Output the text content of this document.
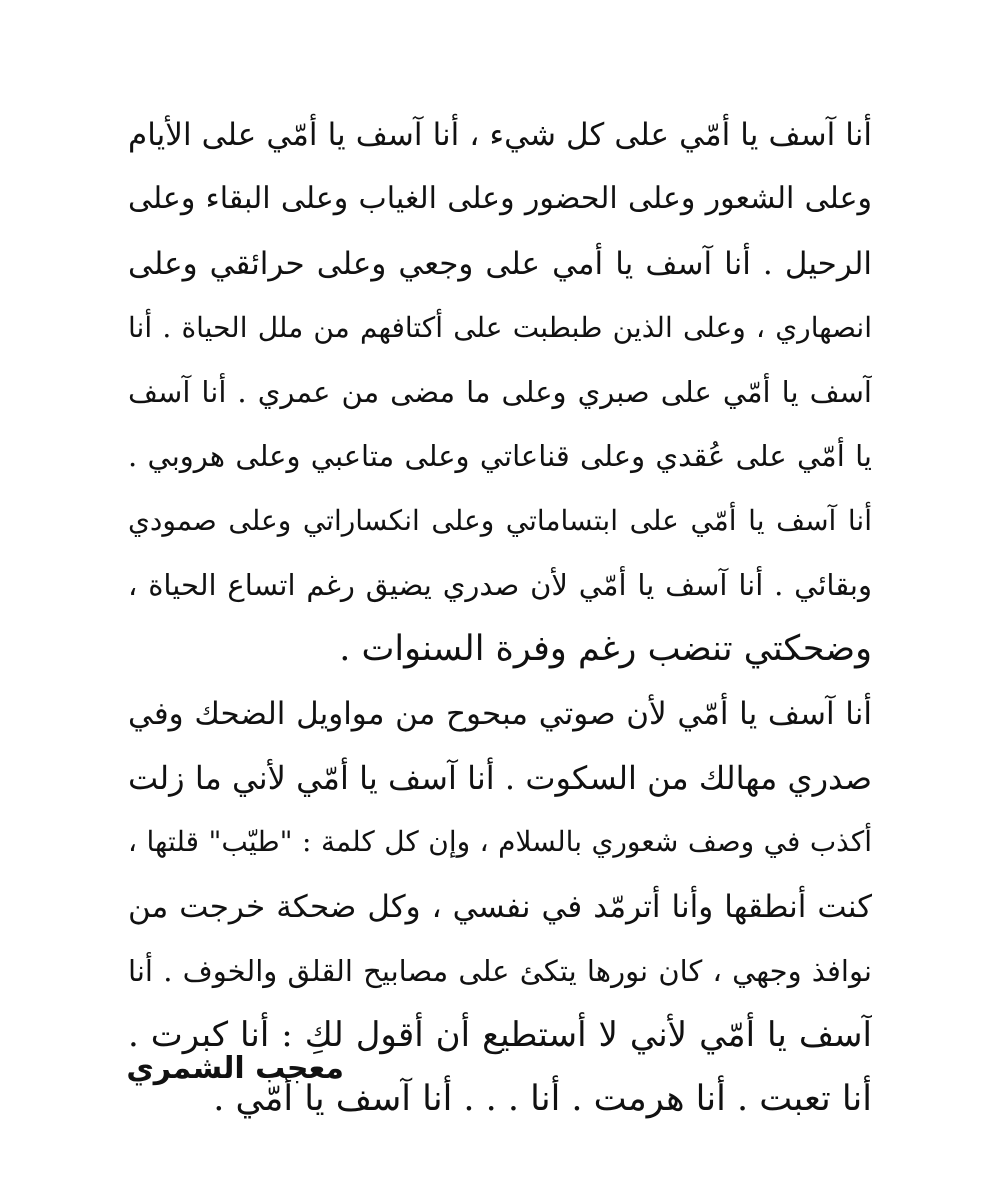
أنا آسف يا أمّي على كل شيء ، أنا آسف يا أمّي على الأيام
وعلى الشعور وعلى الحضور وعلى الغياب وعلى البقاء وعلى
الرحيل . أنا آسف يا أمي على وجعي وعلى حرائقي وعلى
انصهاري ، وعلى الذين طبطبت على أكتافهم من ملل الحياة . أنا
آسف يا أمّي على صبري وعلى ما مضى من عمري . أنا آسف
يا أمّي على عُقدي وعلى قناعاتي وعلى متاعبي وعلى هروبي .
أنا آسف يا أمّي على ابتساماتي وعلى انكساراتي وعلى صمودي
وبقائي . أنا آسف يا أمّي لأن صدري يضيق رغم اتساع الحياة ،
وضحكتي تنضب رغم وفرة السنوات .
أنا آسف يا أمّي لأن صوتي مبحوح من مواويل الضحك وفي
صدري مهالك من السكوت . أنا آسف يا أمّي لأني ما زلت
أكذب في وصف شعوري بالسلام ، وإن كل كلمة : "طيّب" قلتها ،
كنت أنطقها وأنا أترمّد في نفسي ، وكل ضحكة خرجت من
نوافذ وجهي ، كان نورها يتكئ على مصابيح القلق والخوف . أنا
آسف يا أمّي لأني لا أستطيع أن أقول لكِ : أنا كبرت .
أنا تعبت . أنا هرمت . أنا . . . أنا آسف يا أمّي .
معجب الشمري
